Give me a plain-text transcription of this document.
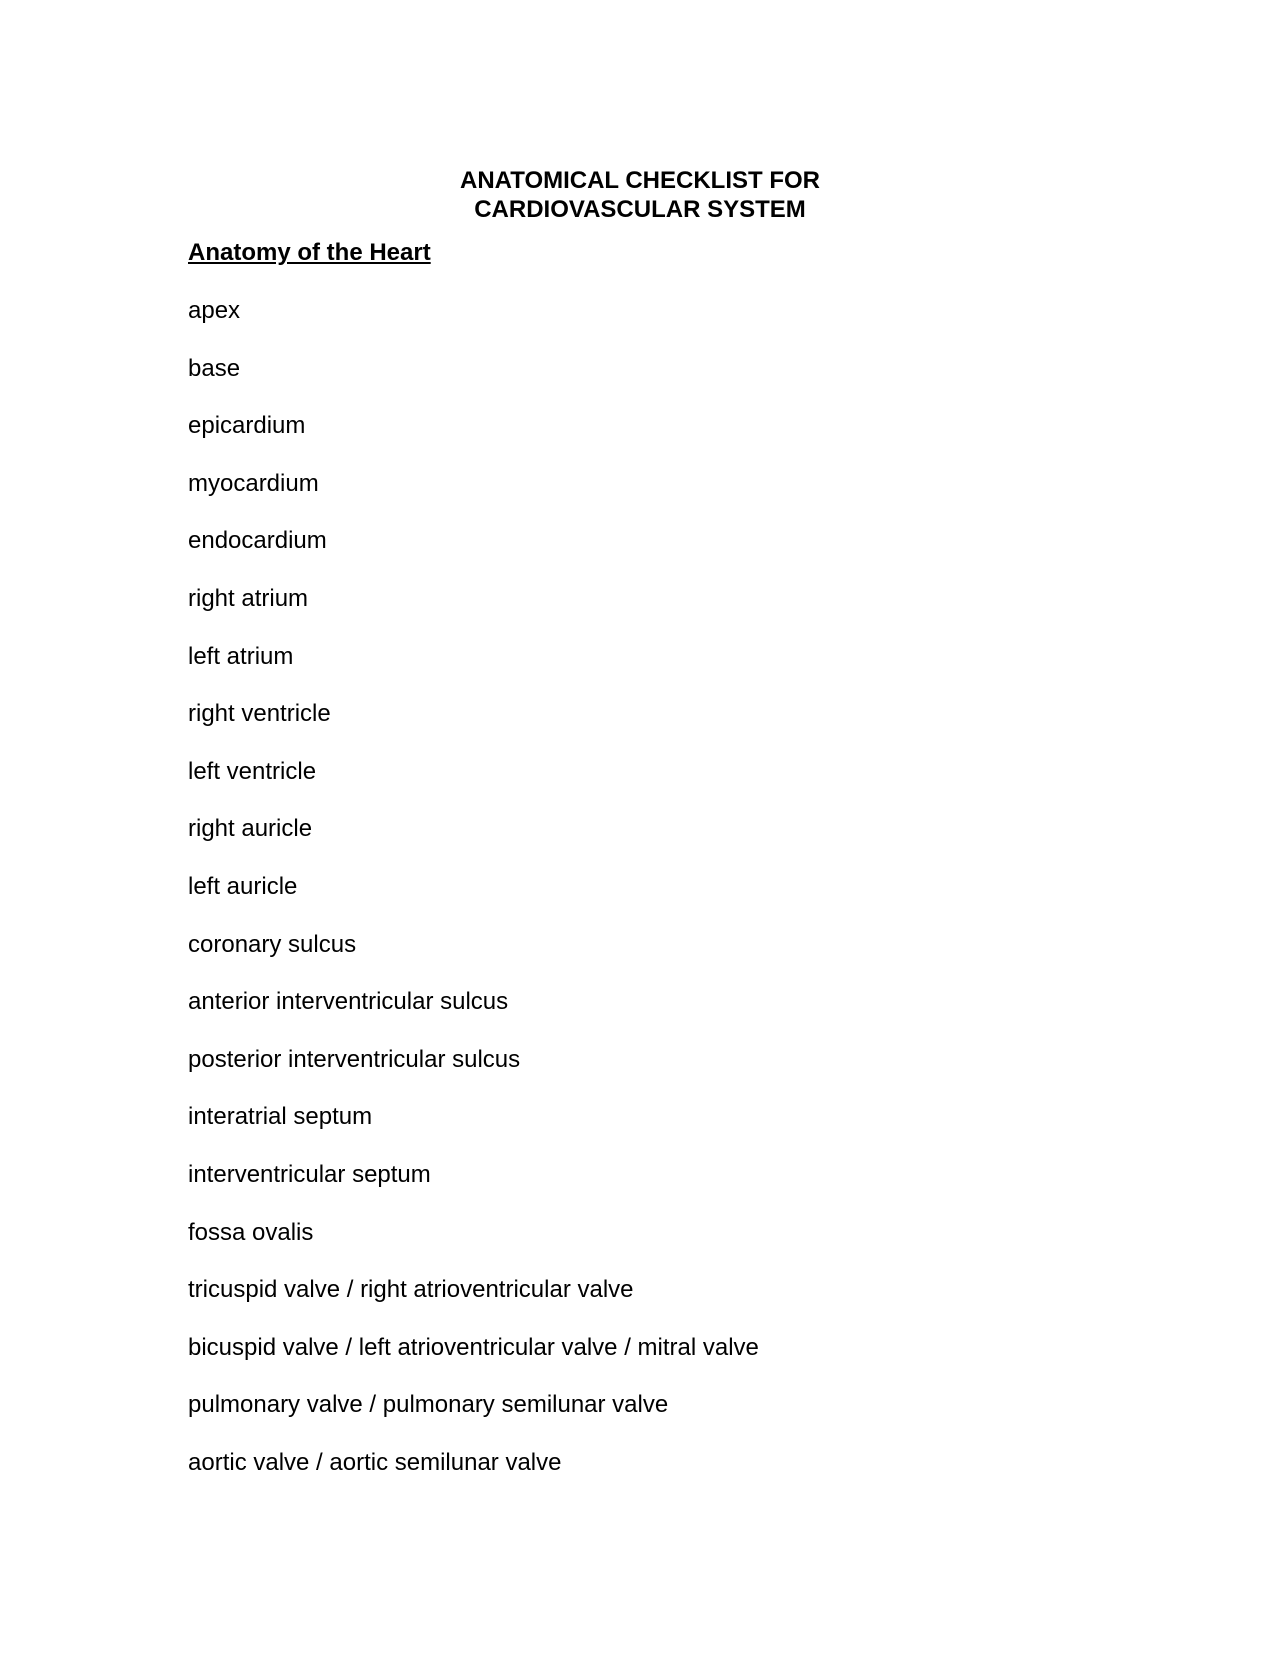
ANATOMICAL CHECKLIST FOR
CARDIOVASCULAR SYSTEM
Anatomy of the Heart
apex
base
epicardium
myocardium
endocardium
right atrium
left atrium
right ventricle
left ventricle
right auricle
left auricle
coronary sulcus
anterior interventricular sulcus
posterior interventricular sulcus
interatrial septum
interventricular septum
fossa ovalis
tricuspid valve / right atrioventricular valve
bicuspid valve / left atrioventricular valve / mitral valve
pulmonary valve / pulmonary semilunar valve
aortic valve / aortic semilunar valve
